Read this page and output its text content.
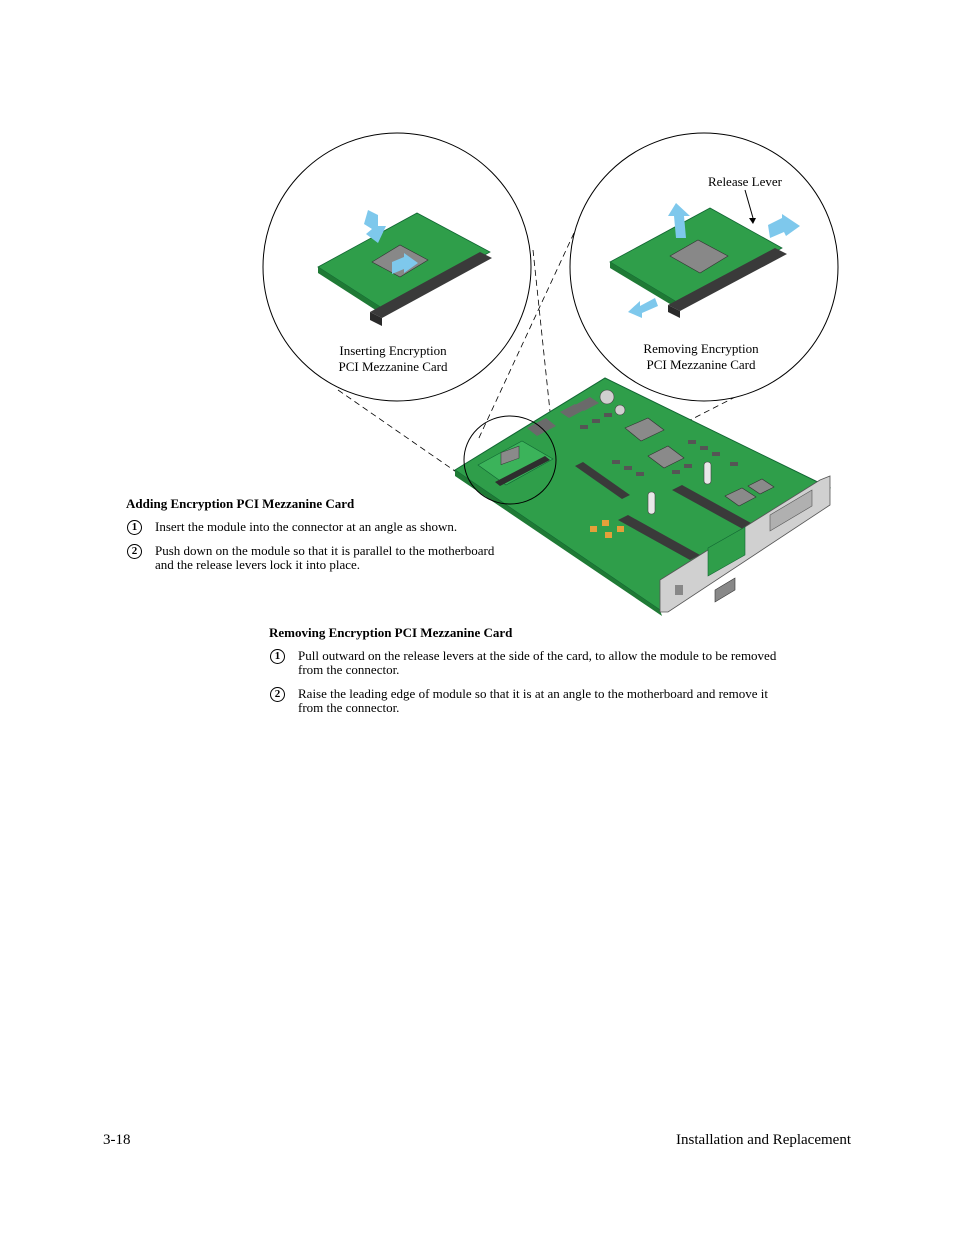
Release Lever
Inserting Encryption
PCI Mezzanine Card
Removing Encryption
PCI Mezzanine Card
Adding Encryption PCI Mezzanine Card
1	Insert the module into the connector at an angle as shown.
2	Push down on the module so that it is parallel to the motherboard
and the release levers lock it into place.
Removing Encryption PCI Mezzanine Card
1	Pull outward on the release levers at the side of the card, to allow the module to be removed
from the connector.
2	Raise the leading edge of module so that it is at an angle to the motherboard and remove it
from the connector.
3-18	Installation and Replacement
